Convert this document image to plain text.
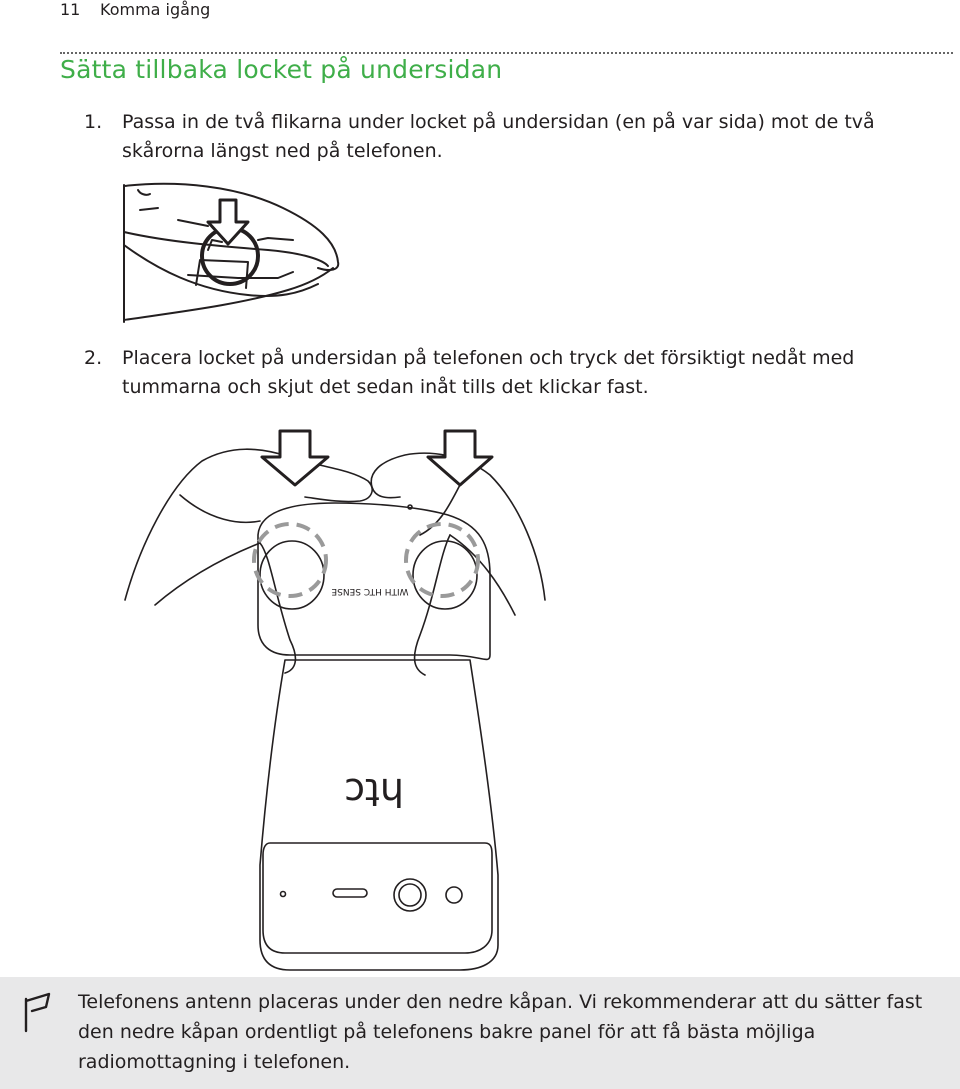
11 Komma igång
Sätta tillbaka locket på undersidan
1.	Passa in de två flikarna under locket på undersidan (en på var sida) mot de två skårorna längst ned på telefonen.
2.	Placera locket på undersidan på telefonen och tryck det försiktigt nedåt med tummarna och skjut det sedan inåt tills det klickar fast.
WITH HTC SENSE
htc
Telefonens antenn placeras under den nedre kåpan. Vi rekommenderar att du sätter fast den nedre kåpan ordentligt på telefonens bakre panel för att få bästa möjliga radiomottagning i telefonen.
